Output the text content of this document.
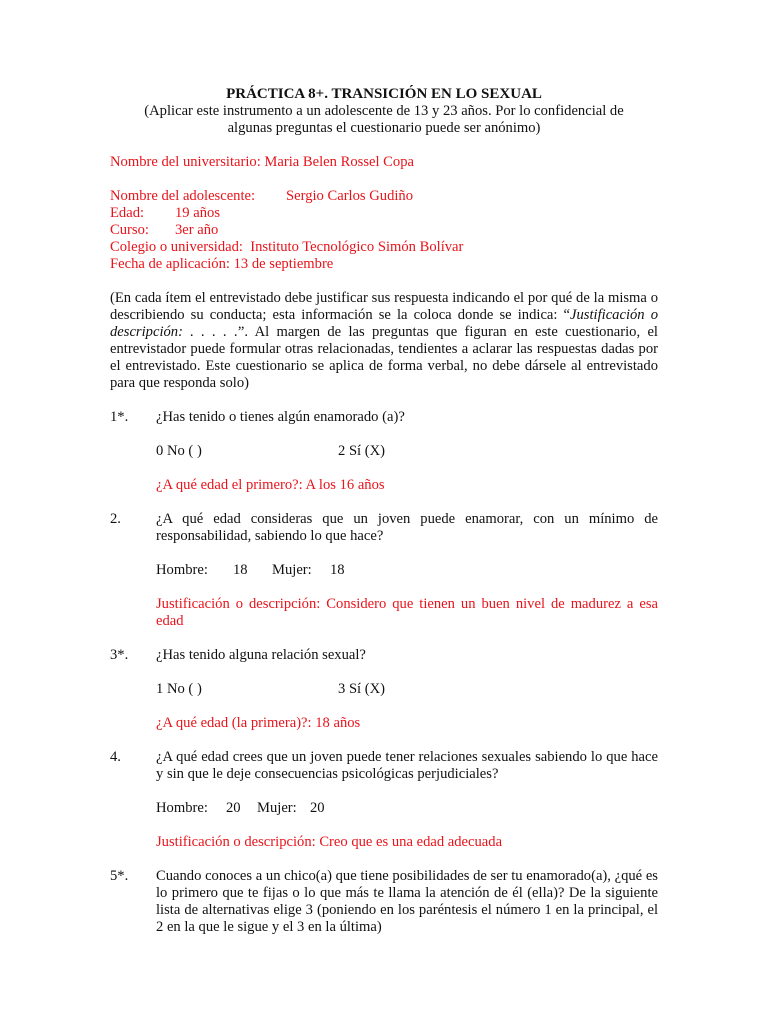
PRÁCTICA 8+. TRANSICIÓN EN LO SEXUAL
(Aplicar este instrumento a un adolescente de 13 y 23 años. Por lo confidencial de
algunas preguntas el cuestionario puede ser anónimo)
Nombre del universitario: Maria Belen Rossel Copa
Nombre del adolescente: Sergio Carlos Gudiño
Edad: 19 años
Curso: 3er año
Colegio o universidad: Instituto Tecnológico Simón Bolívar
Fecha de aplicación: 13 de septiembre
(En cada ítem el entrevistado debe justificar sus respuesta indicando el por qué de la misma o describiendo su conducta; esta información se la coloca donde se indica: “Justificación o descripción: . . . . .”. Al margen de las preguntas que figuran en este cuestionario, el entrevistador puede formular otras relacionadas, tendientes a aclarar las respuestas dadas por el entrevistado. Este cuestionario se aplica de forma verbal, no debe dársele al entrevistado para que responda solo)
1*.	¿Has tenido o tienes algún enamorado (a)?
0 No ( )	2 Sí (X)
¿A qué edad el primero?: A los 16 años
2.	¿A qué edad consideras que un joven puede enamorar, con un mínimo de responsabilidad, sabiendo lo que hace?
Hombre:	18	Mujer:	18
Justificación o descripción: Considero que tienen un buen nivel de madurez a esa edad
3*.	¿Has tenido alguna relación sexual?
1 No ( )	3 Sí (X)
¿A qué edad (la primera)?: 18 años
4.	¿A qué edad crees que un joven puede tener relaciones sexuales sabiendo lo que hace y sin que le deje consecuencias psicológicas perjudiciales?
Hombre:	20	Mujer: 20
Justificación o descripción: Creo que es una edad adecuada
5*.	Cuando conoces a un chico(a) que tiene posibilidades de ser tu enamorado(a), ¿qué es lo primero que te fijas o lo que más te llama la atención de él (ella)? De la siguiente lista de alternativas elige 3 (poniendo en los paréntesis el número 1 en la principal, el 2 en la que le sigue y el 3 en la última)
